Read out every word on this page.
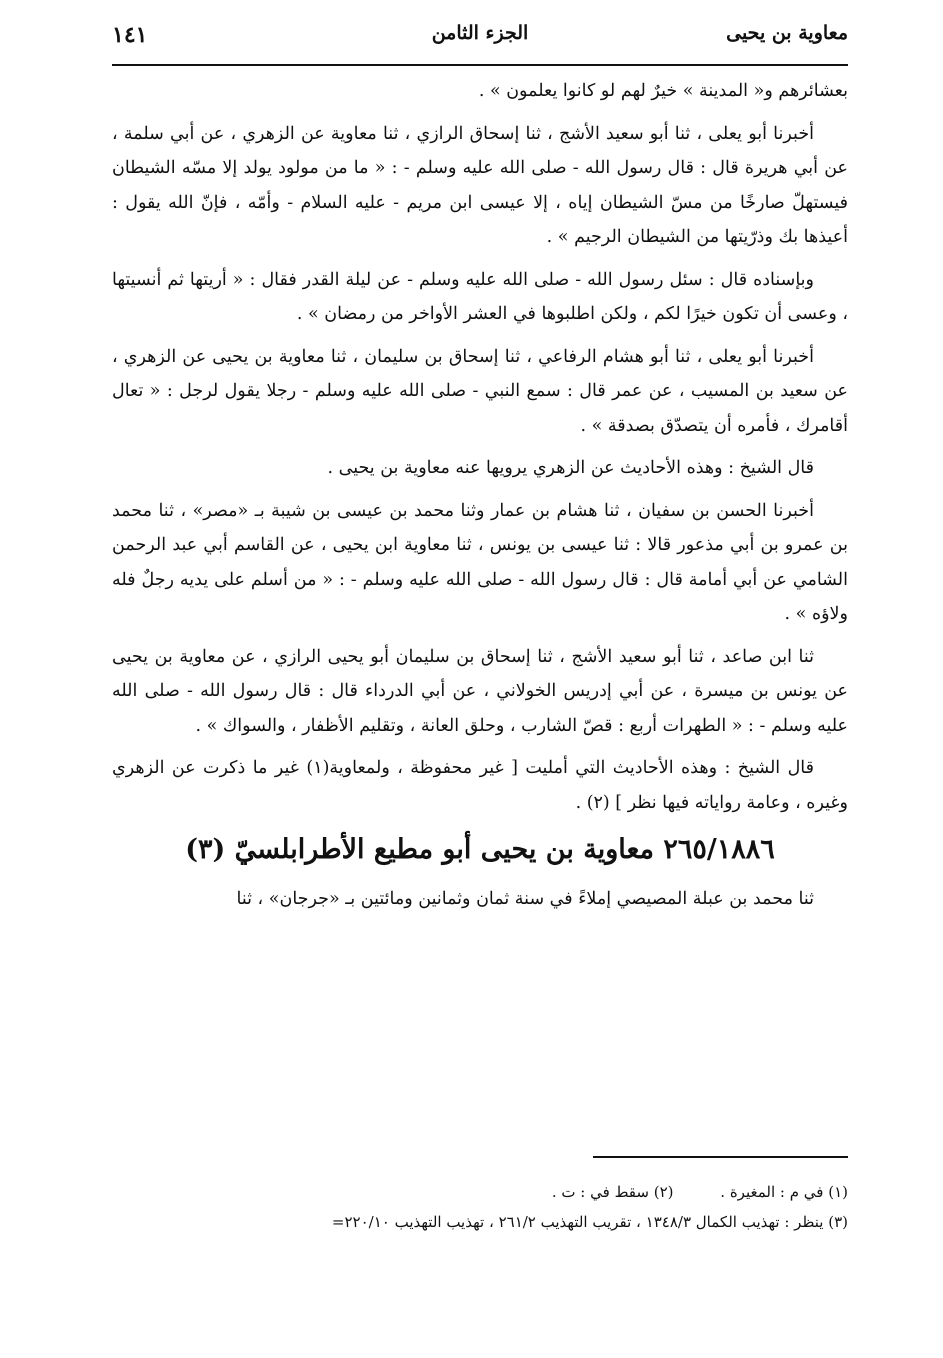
معاوية بن يحيى
الجزء الثامن
١٤١

بعشائرهم و« المدينة » خيرٌ لهم لو كانوا يعلمون » .

أخبرنا أبو يعلى ، ثنا أبو سعيد الأشج ، ثنا إسحاق الرازي ، ثنا معاوية عن الزهري ، عن أبي سلمة ، عن أبي هريرة قال : قال رسول الله - صلى الله عليه وسلم - : « ما من مولود يولد إلا مسّه الشيطان فيستهلّ صارخًا من مسّ الشيطان إياه ، إلا عيسى ابن مريم - عليه السلام - وأمّه ، فإنّ الله يقول : أعيذها بك وذرّيتها من الشيطان الرجيم » .

وبإسناده قال : سئل رسول الله - صلى الله عليه وسلم - عن ليلة القدر فقال : « أريتها ثم أنسيتها ، وعسى أن تكون خيرًا لكم ، ولكن اطلبوها في العشر الأواخر من رمضان » .

أخبرنا أبو يعلى ، ثنا أبو هشام الرفاعي ، ثنا إسحاق بن سليمان ، ثنا معاوية بن يحيى عن الزهري ، عن سعيد بن المسيب ، عن عمر قال : سمع النبي - صلى الله عليه وسلم - رجلا يقول لرجل : « تعال أقامرك ، فأمره أن يتصدّق بصدقة » .

قال الشيخ : وهذه الأحاديث عن الزهري يرويها عنه معاوية بن يحيى .

أخبرنا الحسن بن سفيان ، ثنا هشام بن عمار وثنا محمد بن عيسى بن شيبة بـ «مصر» ، ثنا محمد بن عمرو بن أبي مذعور قالا : ثنا عيسى بن يونس ، ثنا معاوية ابن يحيى ، عن القاسم أبي عبد الرحمن الشامي عن أبي أمامة قال : قال رسول الله - صلى الله عليه وسلم - : « من أسلم على يديه رجلٌ فله ولاؤه » .

ثنا ابن صاعد ، ثنا أبو سعيد الأشج ، ثنا إسحاق بن سليمان أبو يحيى الرازي ، عن معاوية بن يحيى عن يونس بن ميسرة ، عن أبي إدريس الخولاني ، عن أبي الدرداء قال : قال رسول الله - صلى الله عليه وسلم - : « الطهرات أربع : قصّ الشارب ، وحلق العانة ، وتقليم الأظفار ، والسواك » .

قال الشيخ : وهذه الأحاديث التي أمليت [ غير محفوظة ، ولمعاوية(١) غير ما ذكرت عن الزهري وغيره ، وعامة رواياته فيها نظر ] (٢) .

٢٦٥/١٨٨٦ معاوية بن يحيى أبو مطيع الأطرابلسيّ (٣)

ثنا محمد بن عبلة المصيصي إملاءً في سنة ثمان وثمانين ومائتين بـ «جرجان» ، ثنا

(١) في م : المغيرة . (٢) سقط في : ت .
(٣) ينظر : تهذيب الكمال ١٣٤٨/٣ ، تقريب التهذيب ٢٦١/٢ ، تهذيب التهذيب ٢٢٠/١٠=
